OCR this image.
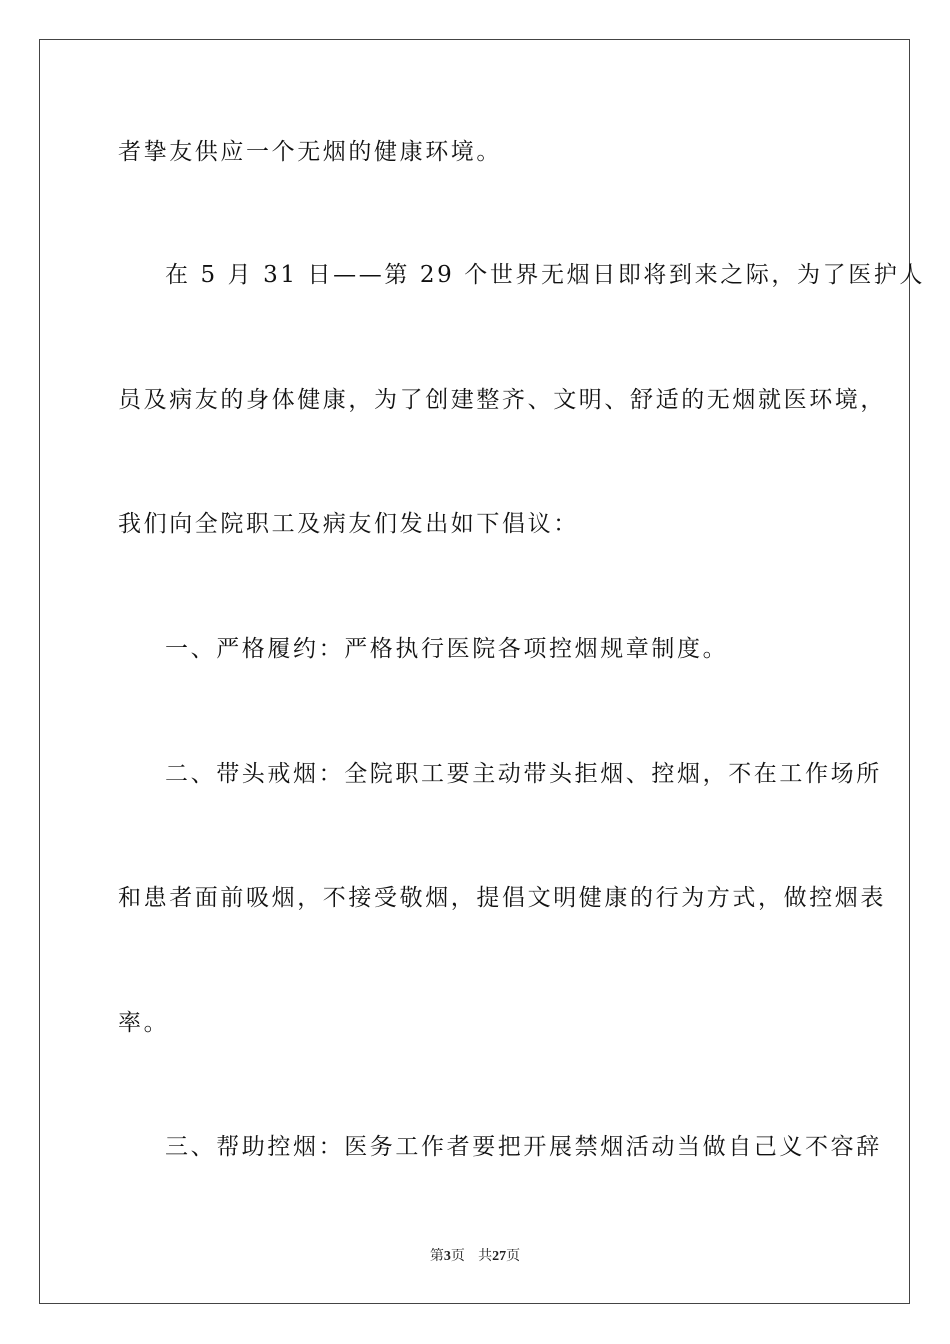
者挚友供应一个无烟的健康环境。
在 5 月 31 日——第 29 个世界无烟日即将到来之际，为了医护人
员及病友的身体健康，为了创建整齐、文明、舒适的无烟就医环境，
我们向全院职工及病友们发出如下倡议：
一、严格履约：严格执行医院各项控烟规章制度。
二、带头戒烟：全院职工要主动带头拒烟、控烟，不在工作场所
和患者面前吸烟，不接受敬烟，提倡文明健康的行为方式，做控烟表
率。
三、帮助控烟：医务工作者要把开展禁烟活动当做自己义不容辞
第3页 共27页
